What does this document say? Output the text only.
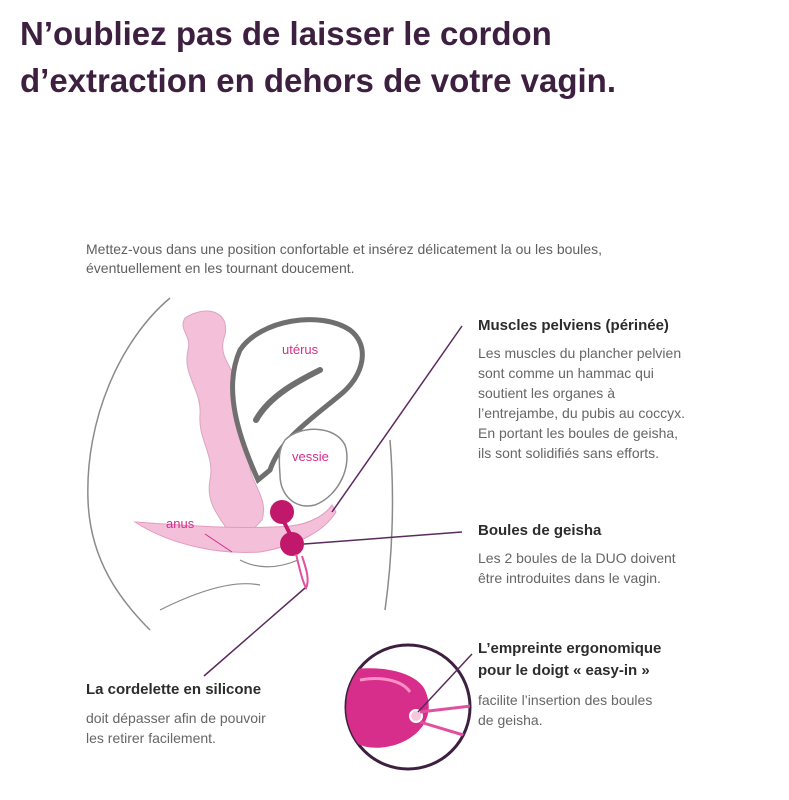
N’oubliez pas de laisser le cordon
d’extraction en dehors de votre vagin.

Mettez-vous dans une position confortable et insérez délicatement la ou les boules,
éventuellement en les tournant doucement.

utérus
vessie
anus

Muscles pelviens (périnée)

Les muscles du plancher pelvien
sont comme un hammac qui
soutient les organes à
l’entrejambe, du pubis au coccyx.
En portant les boules de geisha,
ils sont solidifiés sans efforts.

Boules de geisha

Les 2 boules de la DUO doivent
être introduites dans le vagin.

La cordelette en silicone

doit dépasser afin de pouvoir
les retirer facilement.

L’empreinte ergonomique
pour le doigt « easy-in »

facilite l’insertion des boules
de geisha.
